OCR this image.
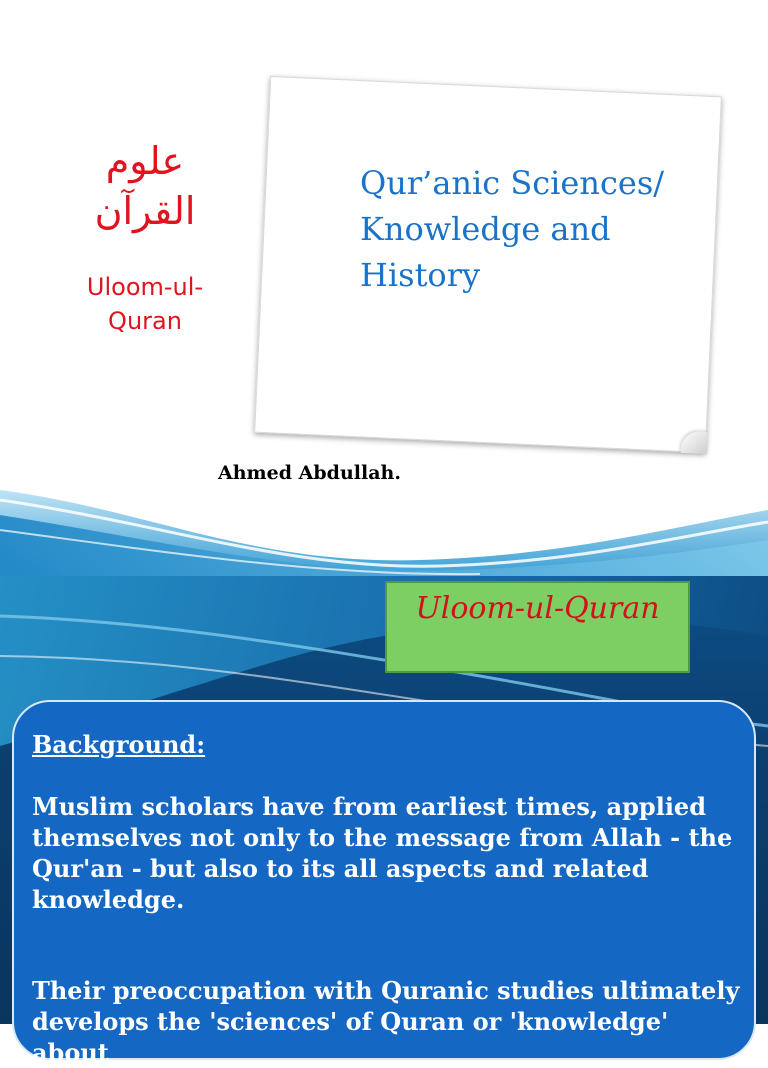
علوم القرآن
Uloom-ul-Quran
Qur’anic Sciences/ Knowledge and History
Ahmed Abdullah.
Uloom-ul-Quran
Background:
Muslim scholars have from earliest times, applied themselves not only to the message from Allah - the Qur'an - but also to its all aspects and related knowledge.
Their preoccupation with Quranic studies ultimately develops the 'sciences' of Quran or 'knowledge' about
